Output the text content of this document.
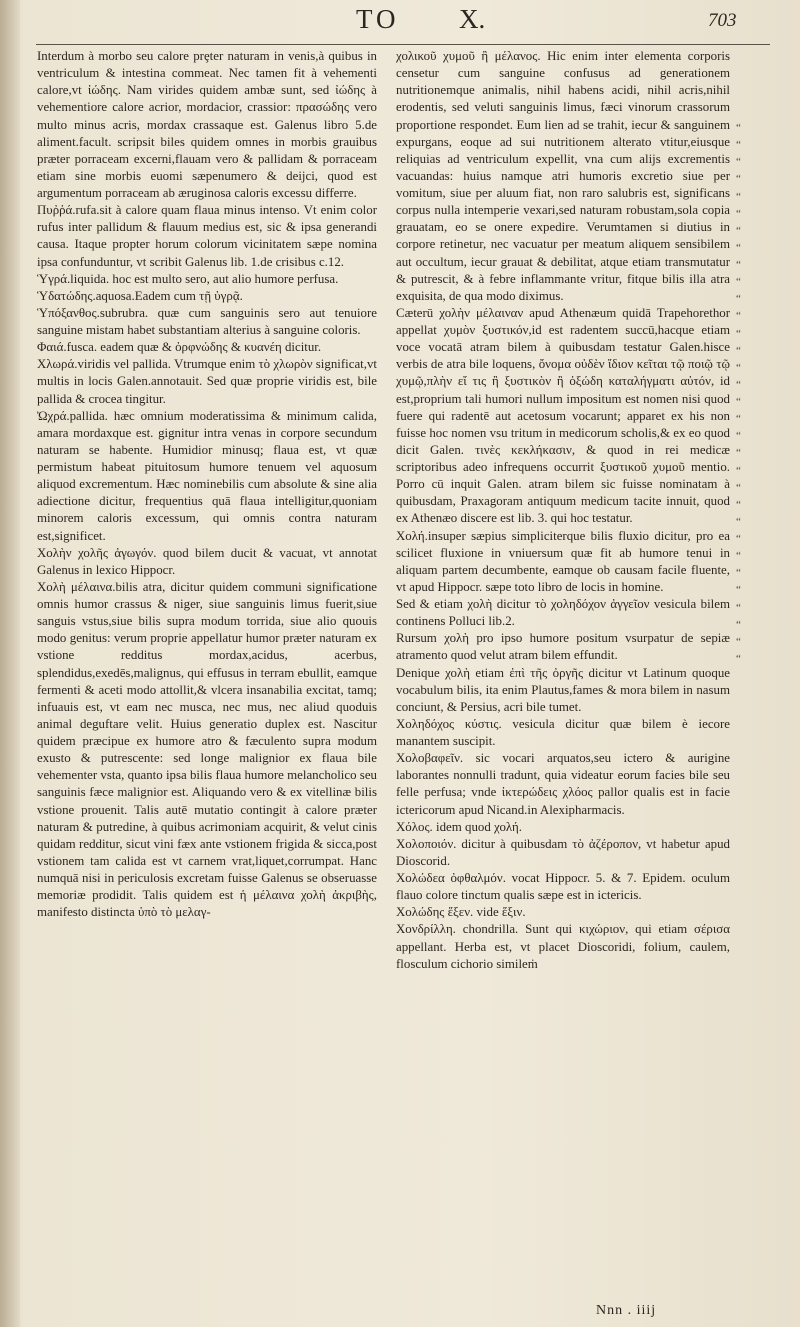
TO X.	703

Interdum à morbo seu calore prȩter naturam in venis,à quibus in ventriculum & intestina commeat. Nec tamen fit à vehementi calore,vt ἰώδης. Nam virides quidem ambæ sunt, sed ἰώδης à vehementiore calore acrior, mordacior, crassior: πρασώδης vero multo minus acris, mordax crassaque est. Galenus libro 5.de aliment.facult. scripsit biles quidem omnes in morbis grauibus præter porraceam excerni,flauam vero & pallidam & porraceam etiam sine morbis euomi sæpenumero & deijci, quod est argumentum porraceam ab æruginosa caloris excessu differre.

Πυῤῥά.rufa.sit à calore quam flaua minus intenso. Vt enim color rufus inter pallidum & flauum medius est, sic & ipsa generandi causa. Itaque propter horum colorum vicinitatem sæpe nomina ipsa confunduntur, vt scribit Galenus lib. 1.de crisibus c.12.

Ὑγρά.liquida. hoc est multo sero, aut alio humore perfusa.

Ὑδατώδης.aquosa.Eadem cum τῇ ὑγρᾷ.

Ὑπόξανθος.subrubra. quæ cum sanguinis sero aut tenuiore sanguine mistam habet substantiam alterius à sanguine coloris.

Φαιά.fusca. eadem quæ & ὀρφνώδης & κυανέη dicitur.

Χλωρά.viridis vel pallida. Vtrumque enim τὸ χλωρὸν significat,vt multis in locis Galen.annotauit. Sed quæ proprie viridis est, bile pallida & crocea tingitur.

Ὠχρά.pallida. hæc omnium moderatissima & minimum calida, amara mordaxque est. gignitur intra venas in corpore secundum naturam se habente. Humidior minusq; flaua est, vt quæ permistum habeat pituitosum humore tenuem vel aquosum aliquod excrementum. Hæc nominebilis cum absolute & sine alia adiectione dicitur, frequentius quā flaua intelligitur,quoniam minorem caloris excessum, qui omnis contra naturam est,significet.

Χολὴν χολῆς ἀγωγόν. quod bilem ducit & vacuat, vt annotat Galenus in lexico Hippocr.

Χολὴ μέλαινα.bilis atra, dicitur quidem communi significatione omnis humor crassus & niger, siue sanguinis limus fuerit,siue sanguis vstus,siue bilis supra modum torrida, siue alio quouis modo genitus: verum proprie appellatur humor præter naturam ex vstione redditus mordax,acidus, acerbus, splendidus,exedēs,malignus, qui effusus in terram ebullit, eamque fermenti & aceti modo attollit,& vlcera insanabilia excitat, tamq; infuauis est, vt eam nec musca, nec mus, nec aliud quoduis animal deguftare velit. Huius generatio duplex est. Nascitur quidem præcipue ex humore atro & fæculento supra modum exusto & putrescente: sed longe malignior ex flaua bile vehementer vsta, quanto ipsa bilis flaua humore melancholico seu sanguinis fæce malignior est. Aliquando vero & ex vitellinæ bilis vstione prouenit. Talis autē mutatio contingit à calore præter naturam & putredine, à quibus acrimoniam acquirit, & velut cinis quidam redditur, sicut vini fæx ante vstionem frigida & sicca,post vstionem tam calida est vt carnem vrat,liquet,corrumpat. Hanc numquā nisi in periculosis excretam fuisse Galenus se obseruasse memoriæ prodidit. Talis quidem est ἡ μέλαινα χολὴ ἀκριβὴς, manifesto distincta ὑπὸ τὸ μελαγ-

χολικοῦ χυμοῦ ἢ μέλανος. Hic enim inter elementa corporis censetur cum sanguine confusus ad generationem nutritionemque animalis, nihil habens acidi, nihil acris,nihil erodentis, sed veluti sanguinis limus, fæci vinorum crassorum proportione respondet. Eum lien ad se trahit, iecur & sanguinem expurgans, eoque ad sui nutritionem alterato vtitur,eiusque reliquias ad ventriculum expellit, vna cum alijs excrementis vacuandas: huius namque atri humoris excretio siue per vomitum, siue per aluum fiat, non raro salubris est, significans corpus nulla intemperie vexari,sed naturam robustam,sola copia grauatam, eo se onere expedire. Verumtamen si diutius in corpore retinetur, nec vacuatur per meatum aliquem sensibilem aut occultum, iecur grauat & debilitat, atque etiam transmutatur & putrescit, & à febre inflammante vritur, fitque bilis illa atra exquisita, de qua modo diximus.

Cæterū χολὴν μέλαιναν apud Athenæum quidā Trapehorethor appellat χυμὸν ξυστικόν,id est radentem succū,hacque etiam voce vocatā atram bilem à quibusdam testatur Galen.hisce verbis de atra bile loquens, ὄνομα οὐδὲν ἴδιον κεῖται τῷ ποιῷ τῷ χυμῷ,πλὴν εἴ τις ἢ ξυστικὸν ἢ ὀξώδη καταλήγματι αὐτόν, id est,proprium tali humori nullum impositum est nomen nisi quod fuere qui radentē aut acetosum vocarunt; apparet ex his non fuisse hoc nomen vsu tritum in medicorum scholis,& ex eo quod dicit Galen. τινὲς κεκλήκασιν, & quod in rei medicæ scriptoribus adeo infrequens occurrit ξυστικοῦ χυμοῦ mentio. Porro cū inquit Galen. atram bilem sic fuisse nominatam à quibusdam, Praxagoram antiquum medicum tacite innuit, quod ex Athenæo discere est lib. 3. qui hoc testatur.

Χολή.insuper sæpius simpliciterque bilis fluxio dicitur, pro ea scilicet fluxione in vniuersum quæ fit ab humore tenui in aliquam partem decumbente, eamque ob causam facile fluente, vt apud Hippocr. sæpe toto libro de locis in homine.

Sed & etiam χολὴ dicitur τὸ χοληδόχον ἀγγεῖον vesicula bilem continens Polluci lib.2.

Rursum χολὴ pro ipso humore positum vsurpatur de sepiæ atramento quod velut atram bilem effundit.

Denique χολὴ etiam ἐπὶ τῆς ὀργῆς dicitur vt Latinum quoque vocabulum bilis, ita enim Plautus,fames & mora bilem in nasum conciunt, & Persius, acri bile tumet.

Χοληδόχος κύστις. vesicula dicitur quæ bilem è iecore manantem suscipit.

Χολοβαφεῖν. sic vocari arquatos,seu ictero & aurigine laborantes nonnulli tradunt, quia videatur eorum facies bile seu felle perfusa; vnde ἰκτερώδεις χλόος pallor qualis est in facie ictericorum apud Nicand.in Alexipharmacis.

Χόλος. idem quod χολή.

Χολοποιόν. dicitur à quibusdam τὸ ἀζέροπον, vt habetur apud Dioscorid.

Χολώδεα ὀφθαλμόν. vocat Hippocr. 5. & 7. Epidem. oculum flauo colore tinctum qualis sæpe est in ictericis.

Χολώδης ἕξεν. vide ἕξιν.

Χονδρίλλη. chondrilla. Sunt qui κιχώριον, qui etiam σέρισα appellant. Herba est, vt placet Dioscoridi, folium, caulem, flosculum cichorio simileṁ

“
“
“
“
“
“
“
“
“
“
“
“
“
“
“
“
“
“
“
“
“
“
“
“
“
“
“
“
“
“
“
“
Nnn . iiij
